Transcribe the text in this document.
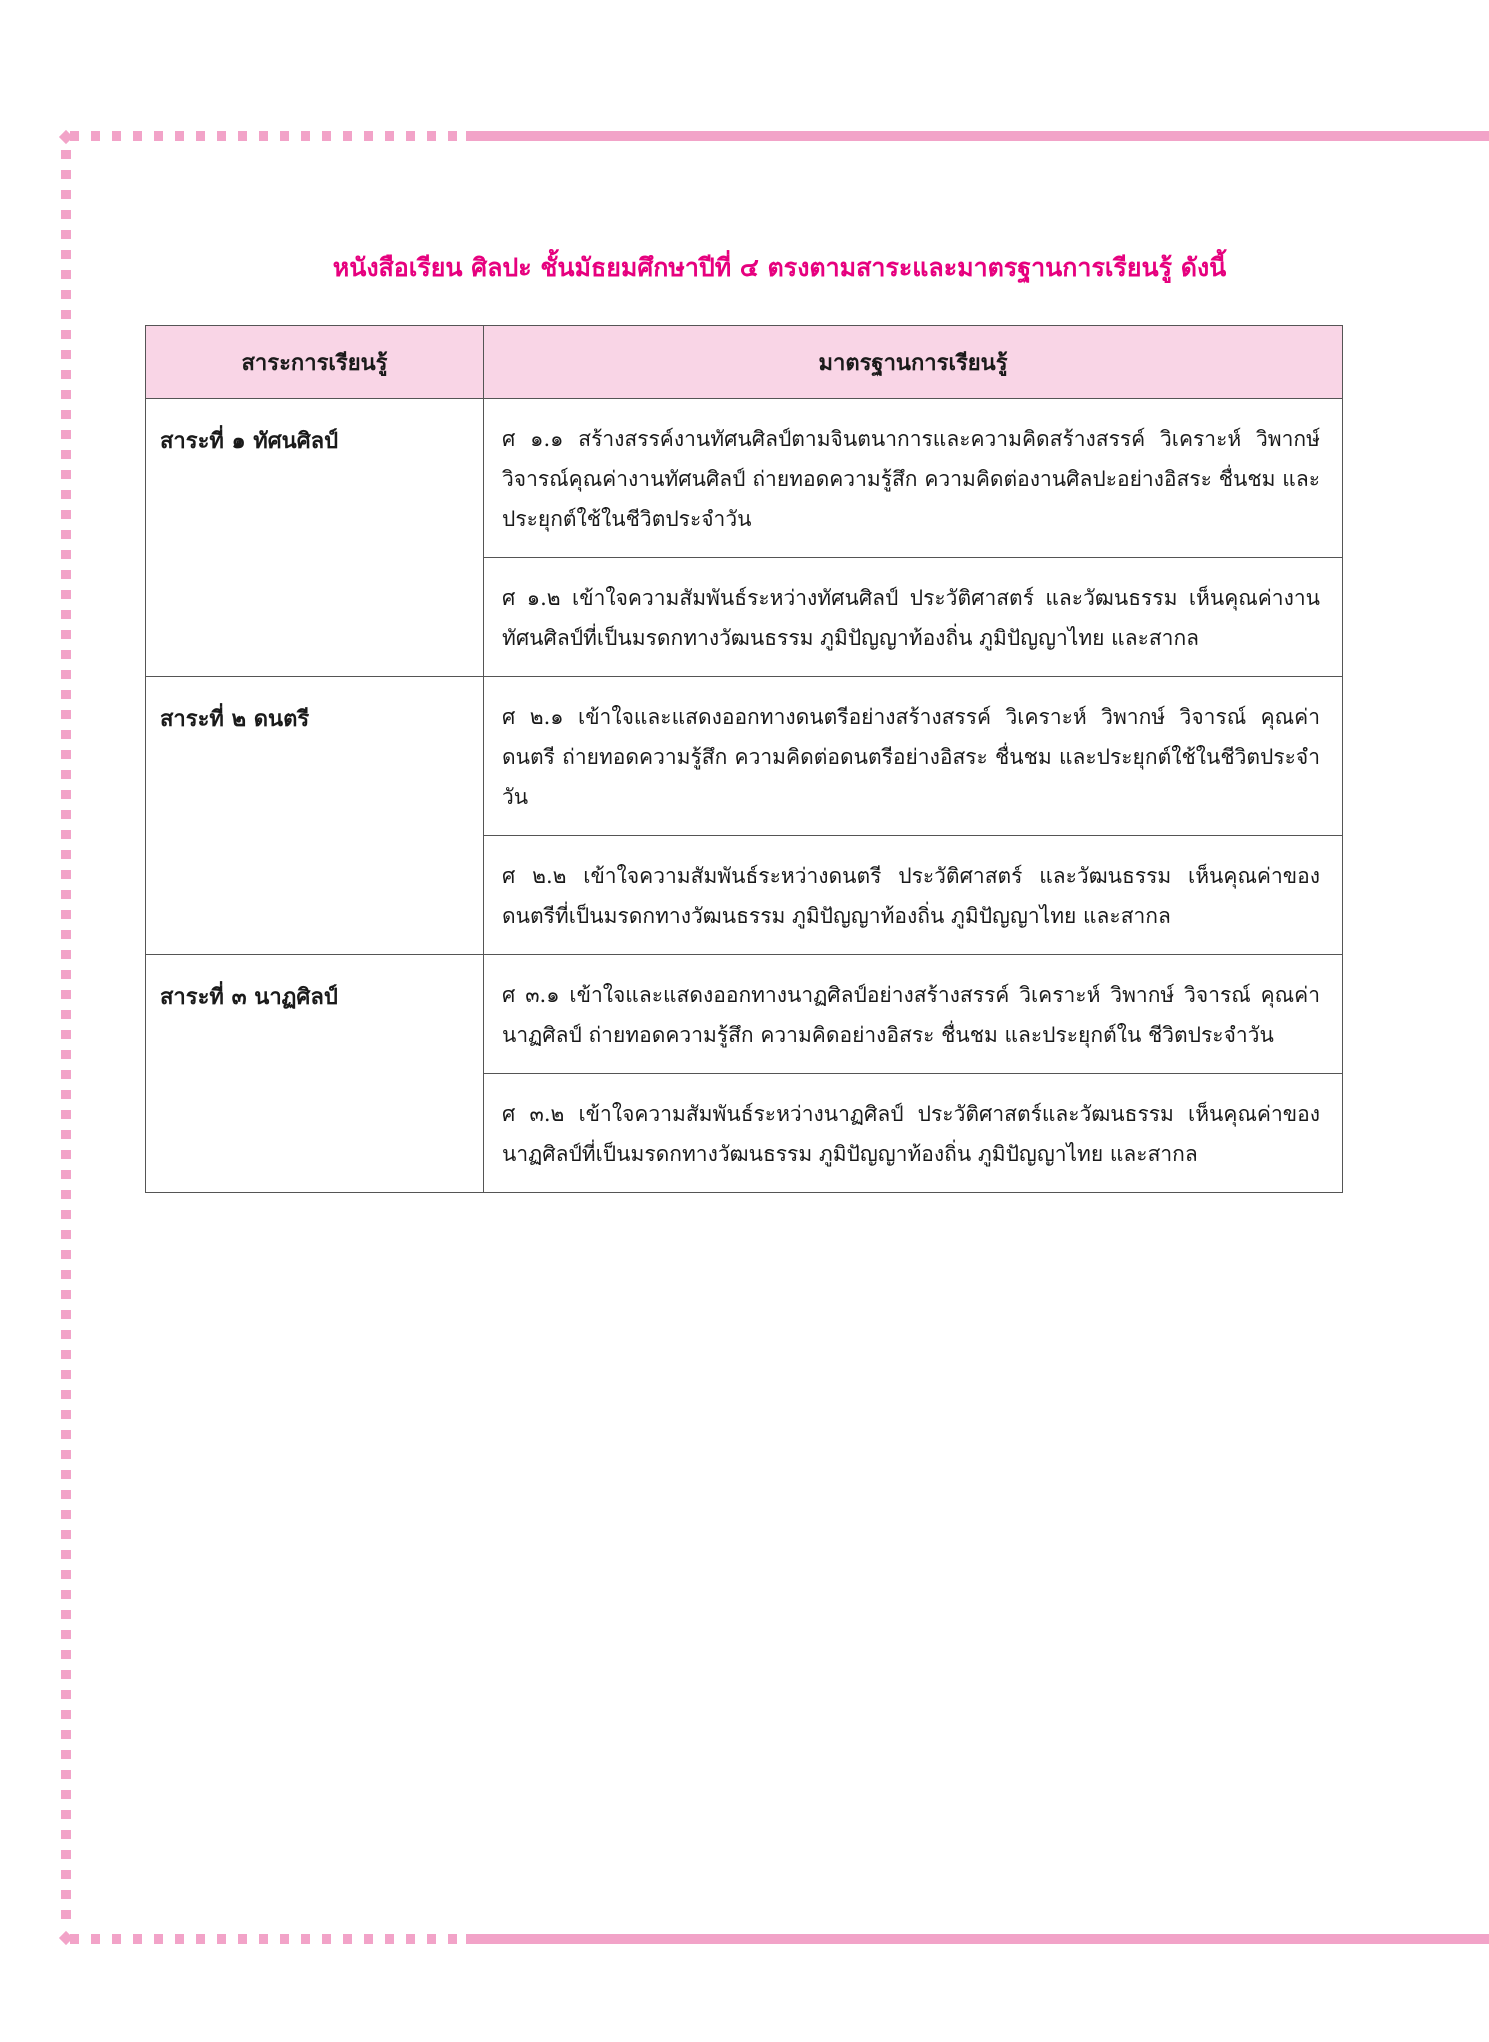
หนังสือเรียน ศิลปะ ชั้นมัธยมศึกษาปีที่ ๔ ตรงตามสาระและมาตรฐานการเรียนรู้ ดังนี้
สาระการเรียนรู้	มาตรฐานการเรียนรู้
สาระที่ ๑ ทัศนศิลป์	ศ ๑.๑ สร้างสรรค์งานทัศนศิลป์ตามจินตนาการและความคิดสร้างสรรค์ วิเคราะห์ วิพากษ์ วิจารณ์คุณค่างานทัศนศิลป์ ถ่ายทอดความรู้สึก ความคิดต่องานศิลปะอย่างอิสระ ชื่นชม และประยุกต์ใช้ในชีวิตประจำวัน
	ศ ๑.๒ เข้าใจความสัมพันธ์ระหว่างทัศนศิลป์ ประวัติศาสตร์ และวัฒนธรรม เห็นคุณค่างานทัศนศิลป์ที่เป็นมรดกทางวัฒนธรรม ภูมิปัญญาท้องถิ่น ภูมิปัญญาไทย และสากล
สาระที่ ๒ ดนตรี	ศ ๒.๑ เข้าใจและแสดงออกทางดนตรีอย่างสร้างสรรค์ วิเคราะห์ วิพากษ์ วิจารณ์ คุณค่าดนตรี ถ่ายทอดความรู้สึก ความคิดต่อดนตรีอย่างอิสระ ชื่นชม และประยุกต์ใช้ในชีวิตประจำวัน
	ศ ๒.๒ เข้าใจความสัมพันธ์ระหว่างดนตรี ประวัติศาสตร์ และวัฒนธรรม เห็นคุณค่าของดนตรีที่เป็นมรดกทางวัฒนธรรม ภูมิปัญญาท้องถิ่น ภูมิปัญญาไทย และสากล
สาระที่ ๓ นาฏศิลป์	ศ ๓.๑ เข้าใจและแสดงออกทางนาฏศิลป์อย่างสร้างสรรค์ วิเคราะห์ วิพากษ์ วิจารณ์ คุณค่านาฏศิลป์ ถ่ายทอดความรู้สึก ความคิดอย่างอิสระ ชื่นชม และประยุกต์ใน ชีวิตประจำวัน
	ศ ๓.๒ เข้าใจความสัมพันธ์ระหว่างนาฏศิลป์ ประวัติศาสตร์และวัฒนธรรม เห็นคุณค่าของนาฏศิลป์ที่เป็นมรดกทางวัฒนธรรม ภูมิปัญญาท้องถิ่น ภูมิปัญญาไทย และสากล
